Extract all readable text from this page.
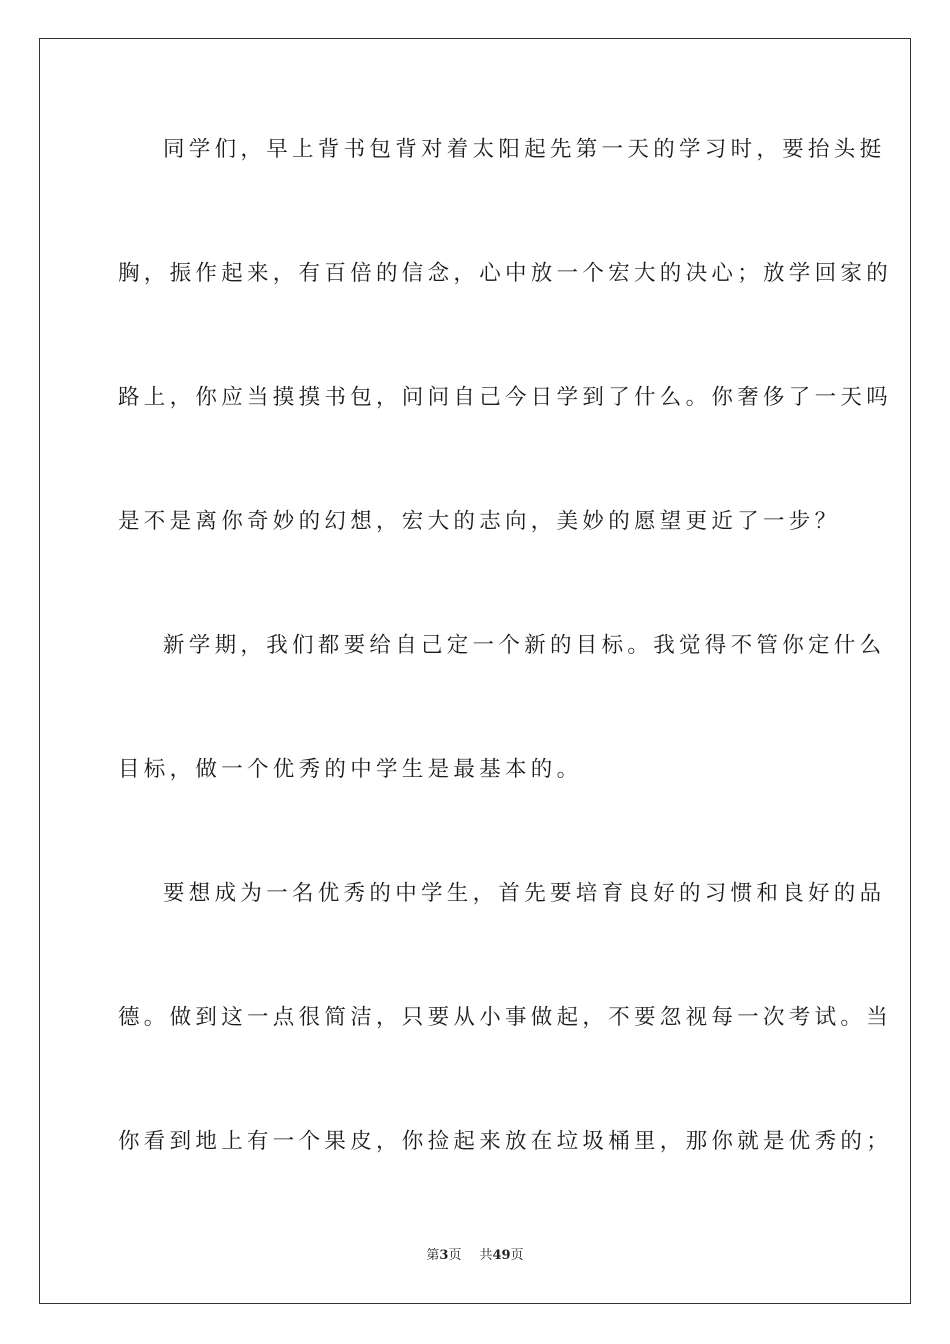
同学们，早上背书包背对着太阳起先第一天的学习时，要抬头挺
胸，振作起来，有百倍的信念，心中放一个宏大的决心；放学回家的
路上，你应当摸摸书包，问问自己今日学到了什么。你奢侈了一天吗
是不是离你奇妙的幻想，宏大的志向，美妙的愿望更近了一步？
新学期，我们都要给自己定一个新的目标。我觉得不管你定什么
目标，做一个优秀的中学生是最基本的。
要想成为一名优秀的中学生，首先要培育良好的习惯和良好的品
德。做到这一点很简洁，只要从小事做起，不要忽视每一次考试。当
你看到地上有一个果皮，你捡起来放在垃圾桶里，那你就是优秀的；
第3页 共49页
